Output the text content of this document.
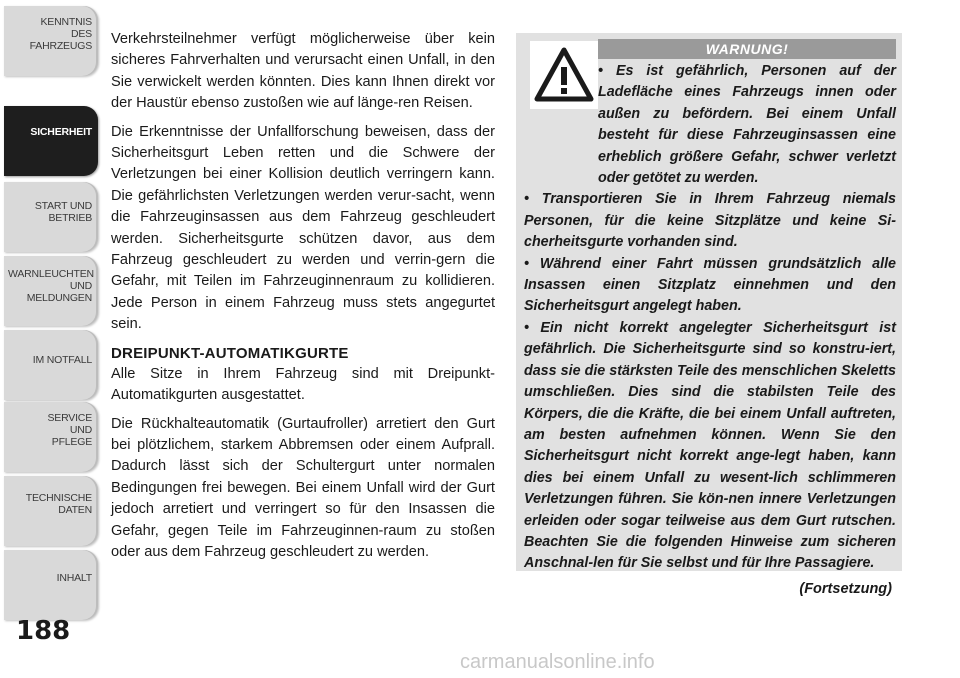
KENNTNIS
DES
FAHRZEUGS
SICHERHEIT
START UND
BETRIEB
WARNLEUCHTEN
UND
MELDUNGEN
IM NOTFALL
SERVICE
UND
PFLEGE
TECHNISCHE
DATEN
INHALT
188

Verkehrsteilnehmer verfügt möglicherweise über kein sicheres Fahrverhalten und verursacht einen Unfall, in den Sie verwickelt werden könnten. Dies kann Ihnen direkt vor der Haustür ebenso zustoßen wie auf länge-ren Reisen.

Die Erkenntnisse der Unfallforschung beweisen, dass der Sicherheitsgurt Leben retten und die Schwere der Verletzungen bei einer Kollision deutlich verringern kann. Die gefährlichsten Verletzungen werden verur-sacht, wenn die Fahrzeuginsassen aus dem Fahrzeug geschleudert werden. Sicherheitsgurte schützen davor, aus dem Fahrzeug geschleudert zu werden und verrin-gern die Gefahr, mit Teilen im Fahrzeuginnenraum zu kollidieren. Jede Person in einem Fahrzeug muss stets angegurtet sein.

DREIPUNKT-AUTOMATIKGURTE

Alle Sitze in Ihrem Fahrzeug sind mit Dreipunkt-Automatikgurten ausgestattet.

Die Rückhalteautomatik (Gurtaufroller) arretiert den Gurt bei plötzlichem, starkem Abbremsen oder einem Aufprall. Dadurch lässt sich der Schultergurt unter normalen Bedingungen frei bewegen. Bei einem Unfall wird der Gurt jedoch arretiert und verringert so für den Insassen die Gefahr, gegen Teile im Fahrzeuginnen-raum zu stoßen oder aus dem Fahrzeug geschleudert zu werden.

WARNUNG!

• Es ist gefährlich, Personen auf der Ladefläche eines Fahrzeugs innen oder außen zu befördern. Bei einem Unfall besteht für diese Fahrzeuginsassen eine erheblich größere Gefahr, schwer verletzt oder getötet zu werden.

• Transportieren Sie in Ihrem Fahrzeug niemals Personen, für die keine Sitzplätze und keine Si-cherheitsgurte vorhanden sind.

• Während einer Fahrt müssen grundsätzlich alle Insassen einen Sitzplatz einnehmen und den Sicherheitsgurt angelegt haben.

• Ein nicht korrekt angelegter Sicherheitsgurt ist gefährlich. Die Sicherheitsgurte sind so konstru-iert, dass sie die stärksten Teile des menschlichen Skeletts umschließen. Dies sind die stabilsten Teile des Körpers, die die Kräfte, die bei einem Unfall auftreten, am besten aufnehmen können. Wenn Sie den Sicherheitsgurt nicht korrekt ange-legt haben, kann dies bei einem Unfall zu wesent-lich schlimmeren Verletzungen führen. Sie kön-nen innere Verletzungen erleiden oder sogar teilweise aus dem Gurt rutschen. Beachten Sie die folgenden Hinweise zum sicheren Anschnal-len für Sie selbst und für Ihre Passagiere.

(Fortsetzung)
carmanualsonline.info
